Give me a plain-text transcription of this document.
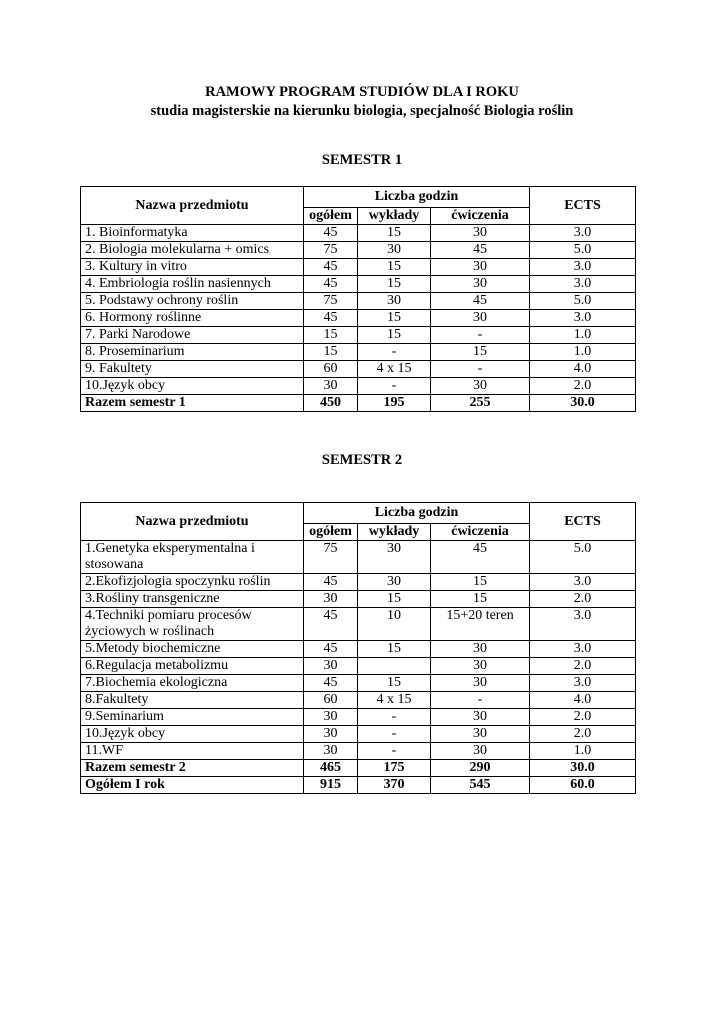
RAMOWY PROGRAM STUDIÓW DLA I ROKU
studia magisterskie na kierunku biologia, specjalność Biologia roślin
SEMESTR 1
Nazwa przedmiotu	Liczba godzin			ECTS
	ogółem	wykłady	ćwiczenia	
1. Bioinformatyka	45	15	30	3.0
2. Biologia molekularna + omics	75	30	45	5.0
3. Kultury in vitro	45	15	30	3.0
4. Embriologia roślin nasiennych	45	15	30	3.0
5. Podstawy ochrony roślin	75	30	45	5.0
6. Hormony roślinne	45	15	30	3.0
7. Parki Narodowe	15	15	-	1.0
8. Proseminarium	15	-	15	1.0
9. Fakultety	60	4 x 15	-	4.0
10.Język obcy	30	-	30	2.0
Razem semestr 1	450	195	255	30.0
SEMESTR 2
Nazwa przedmiotu	Liczba godzin			ECTS
	ogółem	wykłady	ćwiczenia	
1.Genetyka eksperymentalna i stosowana	75	30	45	5.0
2.Ekofizjologia spoczynku roślin	45	30	15	3.0
3.Rośliny transgeniczne	30	15	15	2.0
4.Techniki pomiaru procesów życiowych w roślinach	45	10	15+20 teren	3.0
5.Metody biochemiczne	45	15	30	3.0
6.Regulacja metabolizmu	30		30	2.0
7.Biochemia ekologiczna	45	15	30	3.0
8.Fakultety	60	4 x 15	-	4.0
9.Seminarium	30	-	30	2.0
10.Język obcy	30	-	30	2.0
11.WF	30	-	30	1.0
Razem semestr 2	465	175	290	30.0
Ogółem I rok	915	370	545	60.0
